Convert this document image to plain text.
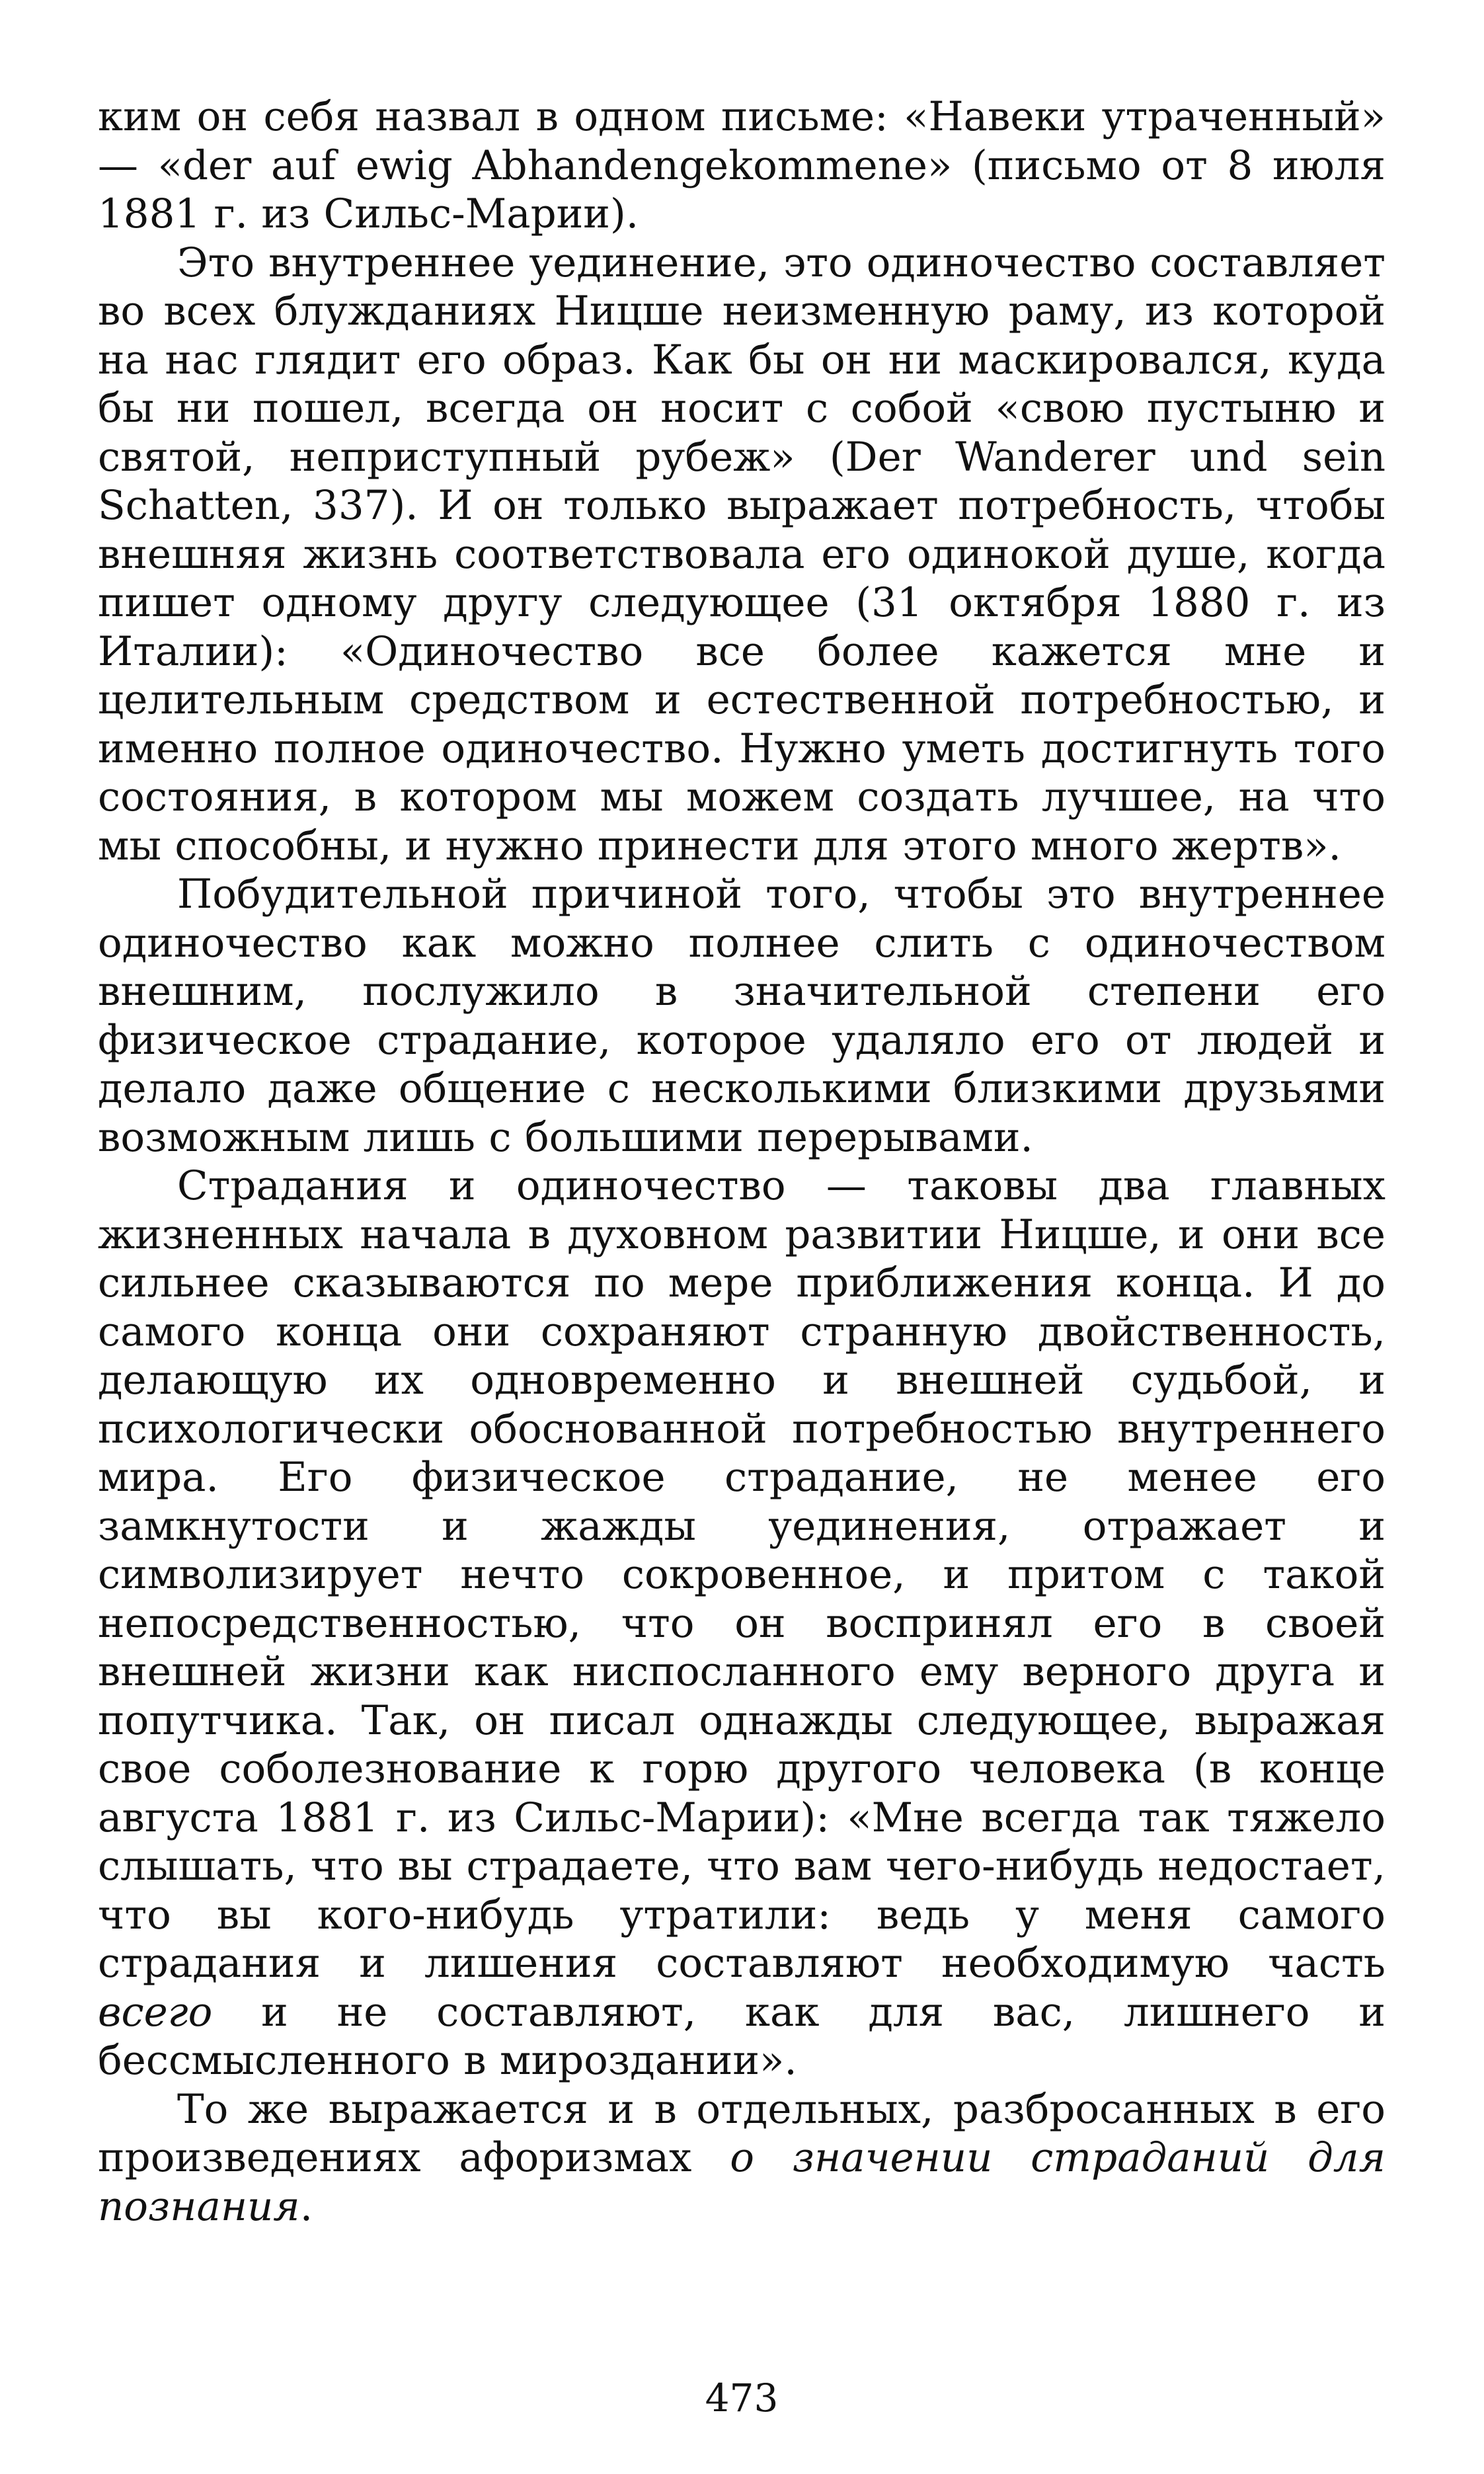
ким он себя назвал в одном письме: «Навеки утраченный» — «der auf ewig Abhandengekommene» (письмо от 8 июля 1881 г. из Сильс-Марии).

Это внутреннее уединение, это одиночество составляет во всех блужданиях Ницше неизменную раму, из которой на нас глядит его образ. Как бы он ни маскировался, куда бы ни пошел, всегда он носит с собой «свою пустыню и святой, неприступный рубеж» (Der Wanderer und sein Schatten, 337). И он только выражает потребность, чтобы внешняя жизнь соответствовала его одинокой душе, когда пишет одному другу следующее (31 октября 1880 г. из Италии): «Одиночество все более кажется мне и целительным средством и естественной потребностью, и именно полное одиночество. Нужно уметь достигнуть того состояния, в котором мы можем создать лучшее, на что мы способны, и нужно принести для этого много жертв».

Побудительной причиной того, чтобы это внутреннее одиночество как можно полнее слить с одиночеством внешним, послужило в значительной степени его физическое страдание, которое удаляло его от людей и делало даже общение с несколькими близкими друзьями возможным лишь с большими перерывами.

Страдания и одиночество — таковы два главных жизненных начала в духовном развитии Ницше, и они все сильнее сказываются по мере приближения конца. И до самого конца они сохраняют странную двойственность, делающую их одновременно и внешней судьбой, и психологически обоснованной потребностью внутреннего мира. Его физическое страдание, не менее его замкнутости и жажды уединения, отражает и символизирует нечто сокровенное, и притом с такой непосредственностью, что он воспринял его в своей внешней жизни как ниспосланного ему верного друга и попутчика. Так, он писал однажды следующее, выражая свое соболезнование к горю другого человека (в конце августа 1881 г. из Сильс-Марии): «Мне всегда так тяжело слышать, что вы страдаете, что вам чего-нибудь недостает, что вы кого-нибудь утратили: ведь у меня самого страдания и лишения составляют необходимую часть всего и не составляют, как для вас, лишнего и бессмысленного в мироздании».

То же выражается и в отдельных, разбросанных в его произведениях афоризмах о значении страданий для познания.

473
